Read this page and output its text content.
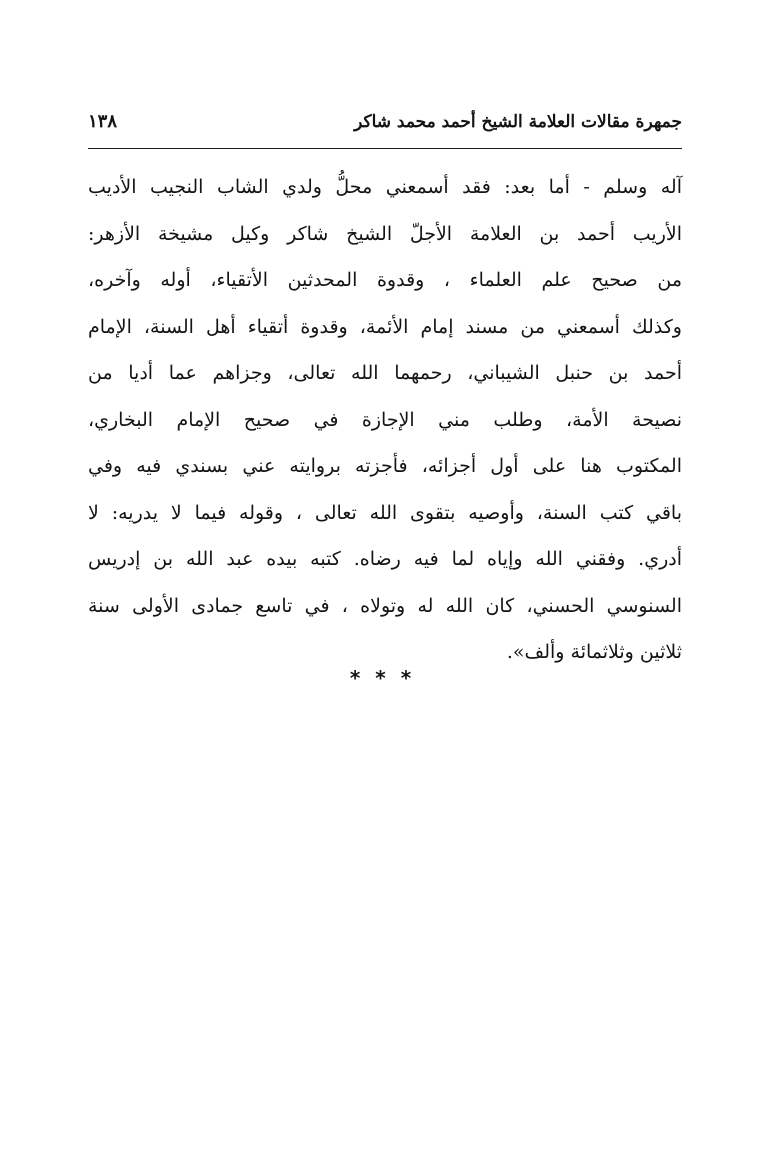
جمهرة مقالات العلامة الشيخ أحمد محمد شاكر
١٣٨
آله وسلم - أما بعد: فقد أسمعني محلُّ ولدي الشاب النجيب الأديب
الأريب أحمد بن العلامة الأجلّ الشيخ شاكر وكيل مشيخة الأزهر:
من صحيح علم العلماء ، وقدوة المحدثين الأتقياء، أوله وآخره،
وكذلك أسمعني من مسند إمام الأئمة، وقدوة أتقياء أهل السنة، الإمام
أحمد بن حنبل الشيباني، رحمهما الله تعالى، وجزاهم عما أديا من
نصيحة الأمة، وطلب مني الإجازة في صحيح الإمام البخاري،
المكتوب هنا على أول أجزائه، فأجزته بروايته عني بسندي فيه وفي
باقي كتب السنة، وأوصيه بتقوى الله تعالى ، وقوله فيما لا يدريه: لا
أدري. وفقني الله وإياه لما فيه رضاه. كتبه بيده عبد الله بن إدريس
السنوسي الحسني، كان الله له وتولاه ، في تاسع جمادى الأولى سنة
ثلاثين وثلاثمائة وألف».
* * *
